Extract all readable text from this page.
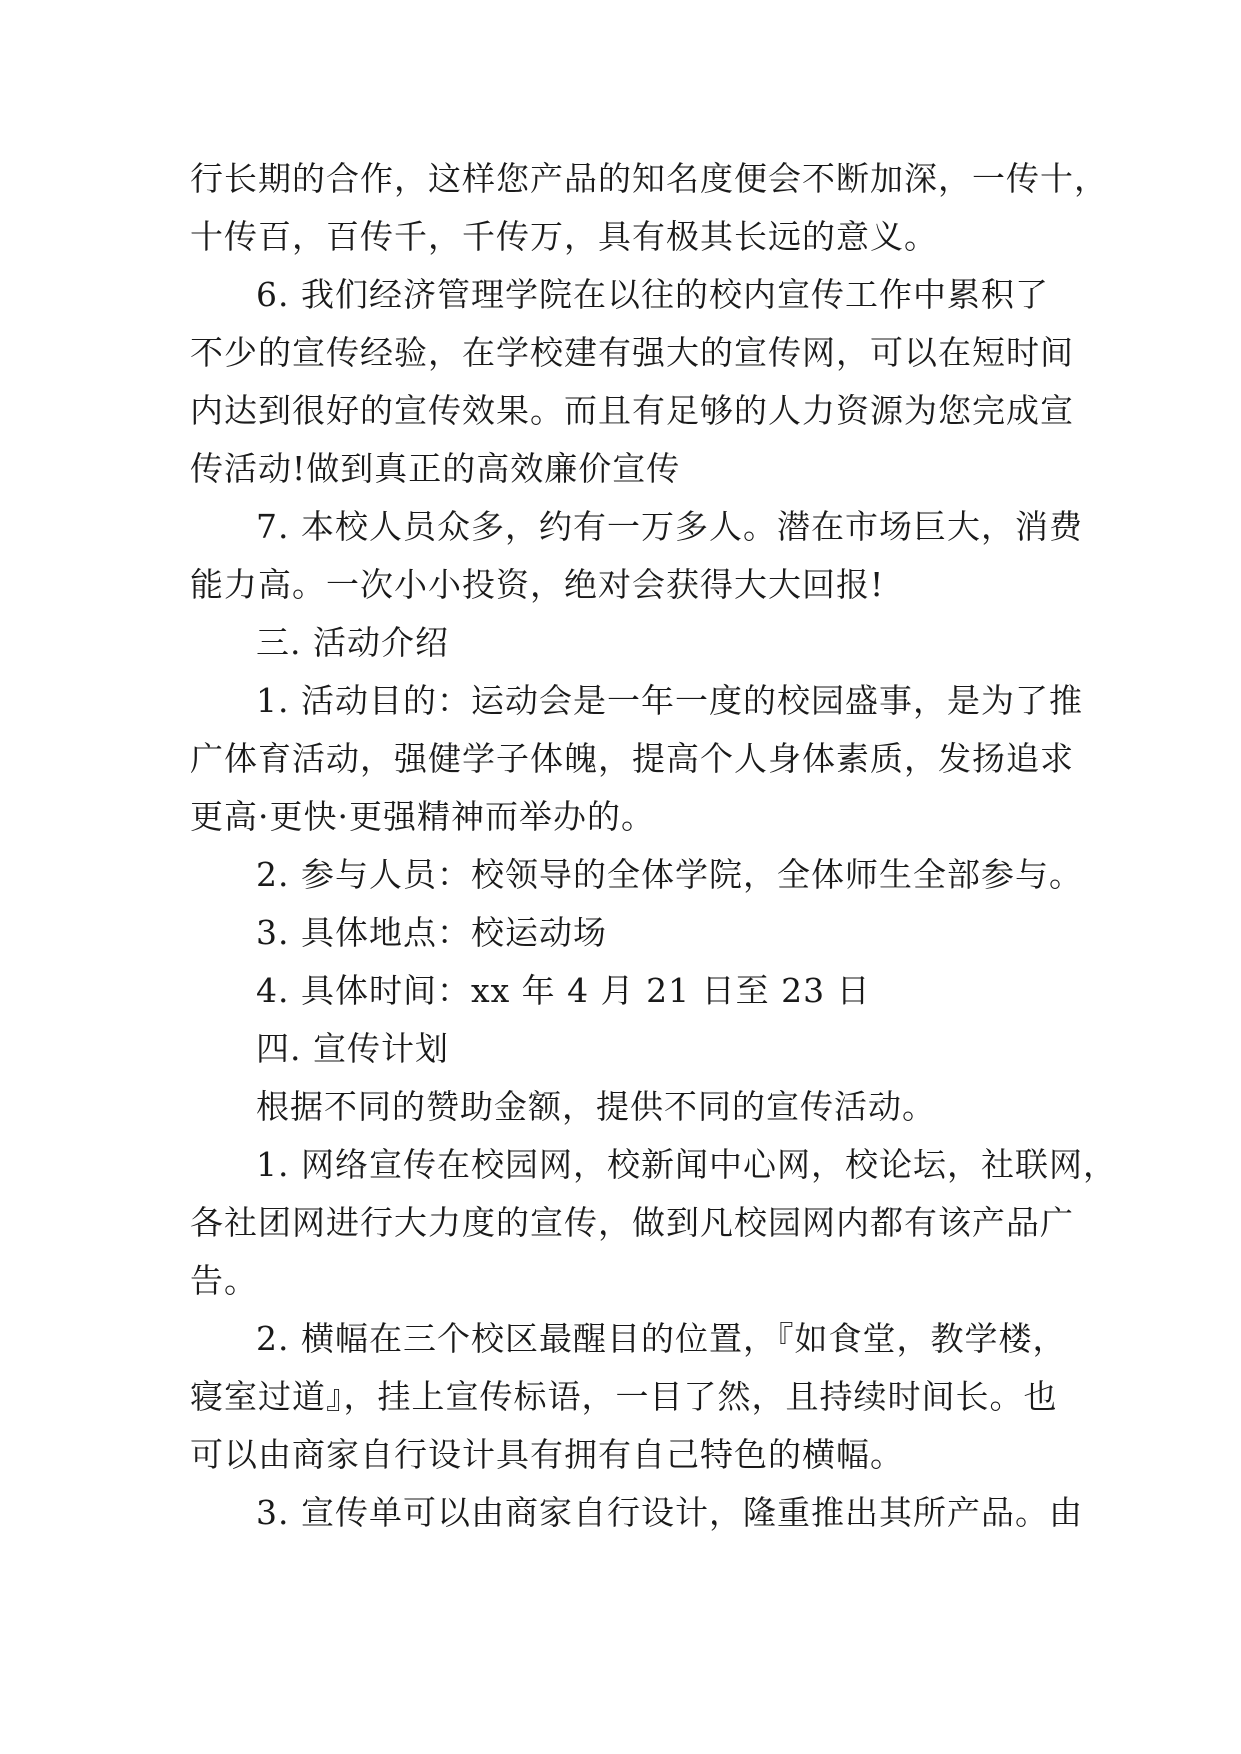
行长期的合作，这样您产品的知名度便会不断加深，一传十，
十传百，百传千，千传万，具有极其长远的意义。
6. 我们经济管理学院在以往的校内宣传工作中累积了
不少的宣传经验，在学校建有强大的宣传网，可以在短时间
内达到很好的宣传效果。而且有足够的人力资源为您完成宣
传活动!做到真正的高效廉价宣传
7. 本校人员众多，约有一万多人。潜在市场巨大，消费
能力高。一次小小投资，绝对会获得大大回报!
三. 活动介绍
1. 活动目的：运动会是一年一度的校园盛事，是为了推
广体育活动，强健学子体魄，提高个人身体素质，发扬追求
更高·更快·更强精神而举办的。
2. 参与人员：校领导的全体学院，全体师生全部参与。
3. 具体地点：校运动场
4. 具体时间：xx 年 4 月 21 日至 23 日
四. 宣传计划
根据不同的赞助金额，提供不同的宣传活动。
1. 网络宣传在校园网，校新闻中心网，校论坛，社联网，
各社团网进行大力度的宣传，做到凡校园网内都有该产品广
告。
2. 横幅在三个校区最醒目的位置，『如食堂，教学楼，
寝室过道』，挂上宣传标语，一目了然，且持续时间长。也
可以由商家自行设计具有拥有自己特色的横幅。
3. 宣传单可以由商家自行设计，隆重推出其所产品。由
